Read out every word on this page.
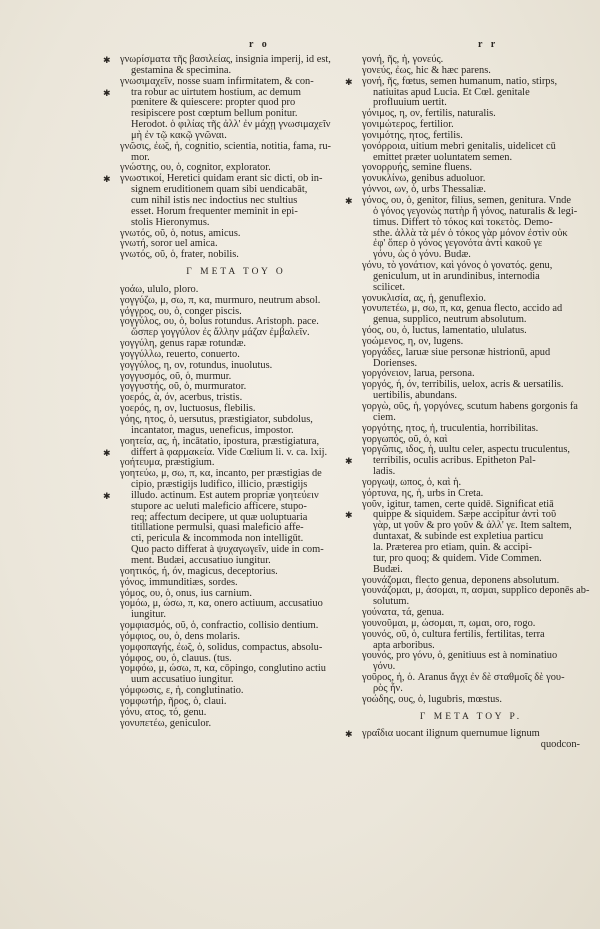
r o	r r
✱ γνωρίσματα τῆς βασιλείας, insignia imperij, id est,
gestamina & specimina.
γνωσιμαχεῖν, nosse suam infirmitatem, & con-
✱ tra robur ac uirtutem hostium, ac demum
pœnitere & quiescere: propter quod pro
resipiscere post cœptum bellum ponitur.
Herodot. ὁ φιλίας τῆς ἀλλ' ἐν μάχῃ γνωσιμαχεῖν
μὴ ἐν τῷ κακῷ γνῶναι.
γνῶσις, ἐω̃ς, ἡ, cognitio, scientia, notitia, fama, ru-
mor.
γνώστης, ου, ὁ, cognitor, explorator.
✱ γνωστικοί, Heretici quidam erant sic dicti, ob in-
signem eruditionem quam sibi uendicabāt,
cum nihil istis nec indoctius nec stultius
esset. Horum frequenter meminit in epi-
stolis Hieronymus.
γνωτός, οῦ, ὁ, notus, amicus.
γνωτή, soror uel amica.
γνωτός, οῦ, ὁ, frater, nobilis.
Γ ΜΕΤΑ ΤΟΥ Ο
γοάω, ululo, ploro.
γογγύζω, μ, σω, π, κα, murmuro, neutrum absol.
γόγγρος, ου, ὁ, conger piscis.
γογγύλος, ου, ὁ, bolus rotundus. Aristoph. pace.
ὥσπερ γογγύλον ἐς ἄλλην μάζαν ἐμβαλεῖν.
γογγύλη, genus rapæ rotundæ.
γογγύλλω, reuerto, conuerto.
γογγύλος, η, ον, rotundus, inuolutus.
γογγυσμός, οῦ, ὁ, murmur.
γογγυστής, οῦ, ὁ, murmurator.
γοερός, ὰ, όν, acerbus, tristis.
γοερός, η, ον, luctuosus, flebilis.
γόης, ητος, ὁ, uersutus, præstigiator, subdolus,
incantator, magus, ueneficus, impostor.
γοητεία, ας, ἡ, incātatio, ipostura, præstigiatura,
✱ differt à φαρμακεία. Vide Cœlium li. v. ca. lxij.
γοήτευμα, præstigium.
γοητεύω, μ, σω, π, κα, incanto, per præstigias de
cipio, præstigijs ludifico, illicio, præstigijs
✱ illudo. actinum. Est autem propriæ γοητεύειν
stupore ac ueluti maleficio afficere, stupo-
req; affectum decipere, ut quæ uoluptuaria
titillatione permulsi, quasi maleficio affe-
cti, pericula & incommoda non intelligūt.
Quo pacto differat à ψυχαγωγεῖν, uide in com-
ment. Budæi, accusatiuo iungitur.
γοητικός, ή, όν, magicus, deceptorius.
γόνος, immunditiæs, sordes.
γόμος, ου, ὁ, onus, ius carnium.
γομόω, μ, ώσω, π, κα, onero actiuum, accusatiuo
iungitur.
γομφιασμός, οῦ, ὁ, confractio, collisio dentium.
γόμφιος, ου, ὁ, dens molaris.
γομφοπαγής, ἐω̃ς, ὁ, solidus, compactus, absolu-
γόμφος, ου, ὁ, clauus. (tus.
γομφόω, μ, ώσω, π, κα, cōpingo, conglutino actiu
uum accusatiuo iungitur.
γόμφωσις, ε, ἡ, conglutinatio.
γομφωτήρ, ῆρος, ὁ, claui.
γόνυ, ατος, τό, genu.
γονυπετέω, geniculor.
γονή, ῆς, ἡ, γονεύς.
γονεύς, ἐως, hic & hæc parens.
✱ γονή, ῆς, fœtus, semen humanum, natio, stirps,
natiuitas apud Lucia. Et Cœl. genitale
profluuium uertit.
γόνιμος, η, ον, fertilis, naturalis.
γονιμώτερος, fertilior.
γονιμότης, ητος, fertilis.
γονόρροια, uitium mebri genitalis, uidelicet cū
emittet præter uoluntatem semen.
γονορρυής, semine fluens.
γονυκλίνω, genibus aduoluor.
γόννοι, ων, ὁ, urbs Thessaliæ.
✱ γόνος, ου, ὁ, genitor, filius, semen, genitura. Vnde
ὁ γόνος γεγονὼς πατὴρ ἢ γόνος, naturalis & legi-
timus. Differt τὸ τόκος καὶ τοκετὸς. Demo-
sthe. ἀλλὰ τὰ μέν ὁ τόκος γὰρ μόνον ἐστὶν οὐκ
ἐφ' ὅπερ ὁ γόνος γεγονότα ἀντὶ κακοῦ γε
γόνυ, ὡς ὁ γόνυ. Budæ.
γόνυ, τὸ γονάτιον, καὶ γόνος ὁ γονατός. genu,
geniculum, ut in arundinibus, internodia
scilicet.
γονυκλισία, ας, ἡ, genuflexio.
γονυπετέω, μ, σω, π, κα, genua flecto, accido ad
genua, supplico, neutrum absolutum.
γόος, ου, ὁ, luctus, lamentatio, ululatus.
γοώμενος, η, ον, lugens.
γοργάδες, laruæ siue personæ histrionū, apud
Dorienses.
γοργόνειον, larua, persona.
γοργός, ή, όν, terribilis, uelox, acris & uersatilis.
uertibilis, abundans.
γοργὼ, οῦς, ἡ, γοργόνες, scutum habens gorgonis fa
ciem.
γοργότης, ητος, ἡ, truculentia, horribilitas.
γοργωπός, οῦ, ὁ, καὶ
γοργῶπις, ιδος, ἡ, uultu celer, aspectu truculentus,
✱ terribilis, oculis acribus. Epitheton Pal-
ladis.
γοργωψ, ωπος, ὁ, καὶ ἡ.
γόρτυνα, ης, ἡ, urbs in Creta.
γοῦν, igitur, tamen, certe quidē. Significat etiā
✱ quippe & siquidem. Sæpe accipitur ἀντὶ τοῦ
γὰρ, ut γοῦν & pro γοῦν & ἀλλ' γε. Item saltem,
duntaxat, & subinde est expletiua particu
la. Præterea pro etiam, quin. & accipi-
tur, pro quoq; & quidem. Vide Commen.
Budæi.
γουνάζομαι, flecto genua, deponens absolutum.
γουνάζομαι, μ, άσομαι, π, ασμαι, supplico deponēs ab-
solutum.
γούνατα, τά, genua.
γουνοῦμαι, μ, ώσομαι, π, ωμαι, oro, rogo.
γουνός, οῦ, ὁ, cultura fertilis, fertilitas, terra
apta arboribus.
γουνός, pro γόνυ, ὁ, genitiuus est à nominatiuo
γόνυ.
γοῦρος, ἡ, ὁ. Aranus ἄγχι ἐν δὲ σταθμοῖς δὲ γου-
ρὸς ἦν.
γοώδης, ους, ὁ, lugubris, mœstus.
Γ ΜΕΤΑ ΤΟΥ Ρ.
✱ γραΐδια uocant ilignum quernumue lignum
quodcon-
